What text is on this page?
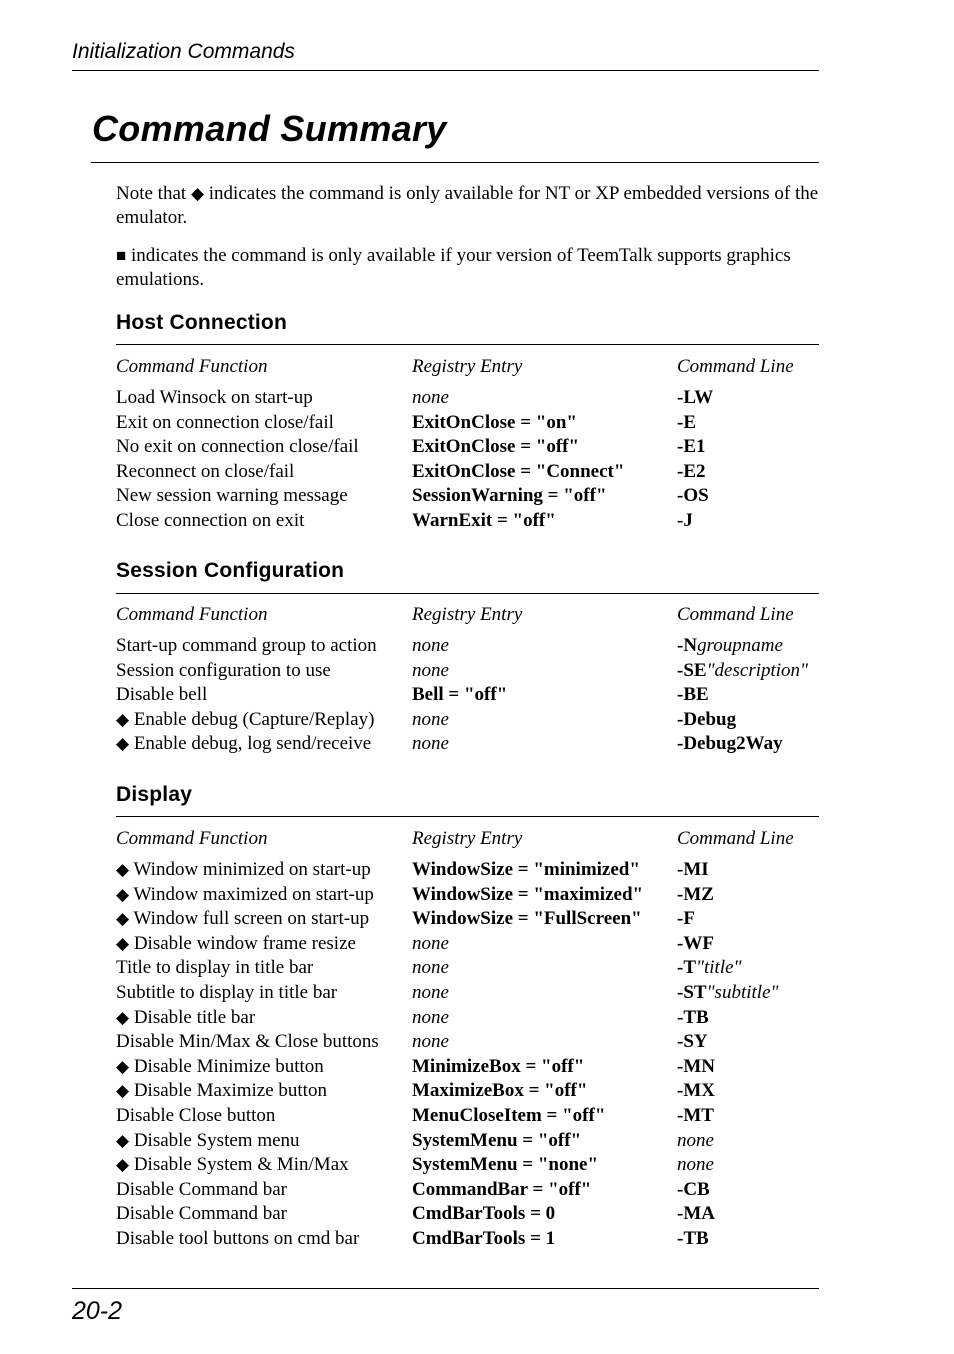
Initialization Commands
Command Summary
Note that ◆ indicates the command is only available for NT or XP embedded versions of the emulator.
■ indicates the command is only available if your version of TeemTalk supports graphics emulations.
Host Connection
Command Function	Registry Entry	Command Line
Load Winsock on start-up	none	-LW
Exit on connection close/fail	ExitOnClose = "on"	-E
No exit on connection close/fail	ExitOnClose = "off"	-E1
Reconnect on close/fail	ExitOnClose = "Connect"	-E2
New session warning message	SessionWarning = "off"	-OS
Close connection on exit	WarnExit = "off"	-J
Session Configuration
Command Function	Registry Entry	Command Line
Start-up command group to action none	-Ngroupname
Session configuration to use	none	-SE"description"
Disable bell	Bell = "off"	-BE
◆ Enable debug (Capture/Replay) none	-Debug
◆ Enable debug, log send/receive none	-Debug2Way
Display
Command Function	Registry Entry	Command Line
◆ Window minimized on start-up WindowSize = "minimized" -MI
◆ Window maximized on start-up WindowSize = "maximized" -MZ
◆ Window full screen on start-up WindowSize = "FullScreen" -F
◆ Disable window frame resize	none	-WF
Title to display in title bar	none	-T"title"
Subtitle to display in title bar	none	-ST"subtitle"
◆ Disable title bar	none	-TB
Disable Min/Max & Close buttons none	-SY
◆ Disable Minimize button	MinimizeBox = "off"	-MN
◆ Disable Maximize button	MaximizeBox = "off"	-MX
Disable Close button	MenuCloseItem = "off"	-MT
◆ Disable System menu	SystemMenu = "off"	none
◆ Disable System & Min/Max	SystemMenu = "none"	none
Disable Command bar	CommandBar = "off"	-CB
Disable Command bar	CmdBarTools = 0	-MA
Disable tool buttons on cmd bar	CmdBarTools = 1	-TB
20-2
